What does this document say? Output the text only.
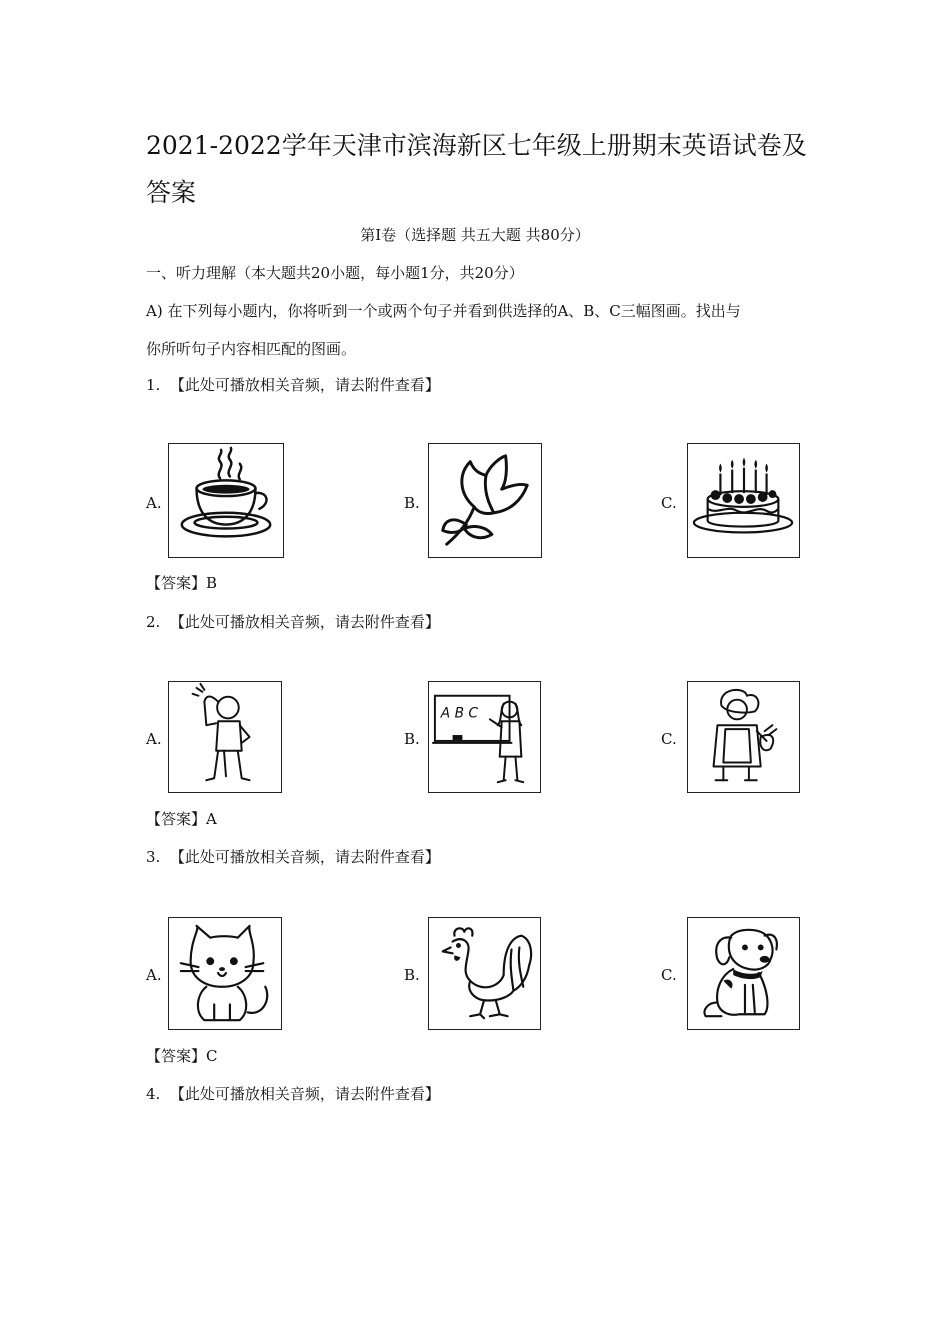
2021-2022学年天津市滨海新区七年级上册期末英语试卷及答案
第Ⅰ卷（选择题 共五大题 共80分）
一、听力理解（本大题共20小题，每小题1分，共20分）
A) 在下列每小题内，你将听到一个或两个句子并看到供选择的A、B、C三幅图画。找出与
你所听句子内容相匹配的图画。
1. 【此处可播放相关音频，请去附件查看】
A.	B.	C.
【答案】B
2. 【此处可播放相关音频，请去附件查看】
A.	B.
A B C
C.
【答案】A
3. 【此处可播放相关音频，请去附件查看】
A.	B.	C.
【答案】C
4. 【此处可播放相关音频，请去附件查看】
